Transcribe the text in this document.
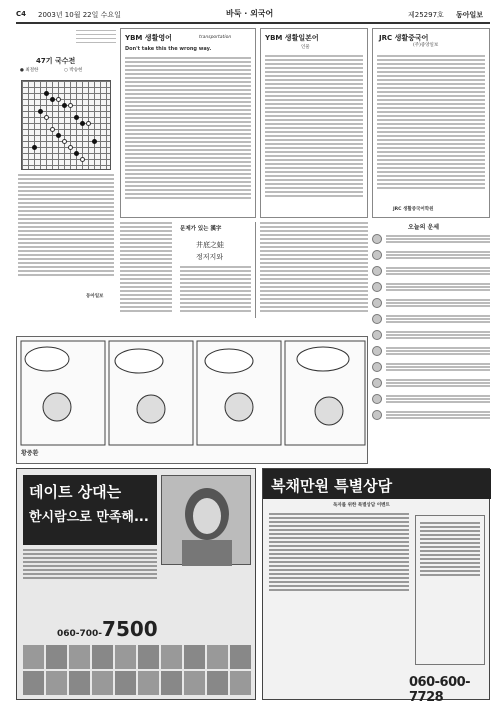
C4 2003년 10월 22일 수요일	바둑 · 외국어	제25297호 동아일보
47기 국수전
● 최철한	○ 박승현
동아일보
YBM 생활영어	transportation
Don't take this the wrong way.
YBM 생활일본어
인물
JRC 생활중국어
(주)중앙일보
JRC 생활중국어학원
문제가 있는 漢字
井底之蛙
정저지와
오늘의 운세
황중환
데이트 상대는
한시람으로 만족해...
060-700-7500
복채만원 특별상담
독자를 위한 특별상담 이벤트
060-600-7728
